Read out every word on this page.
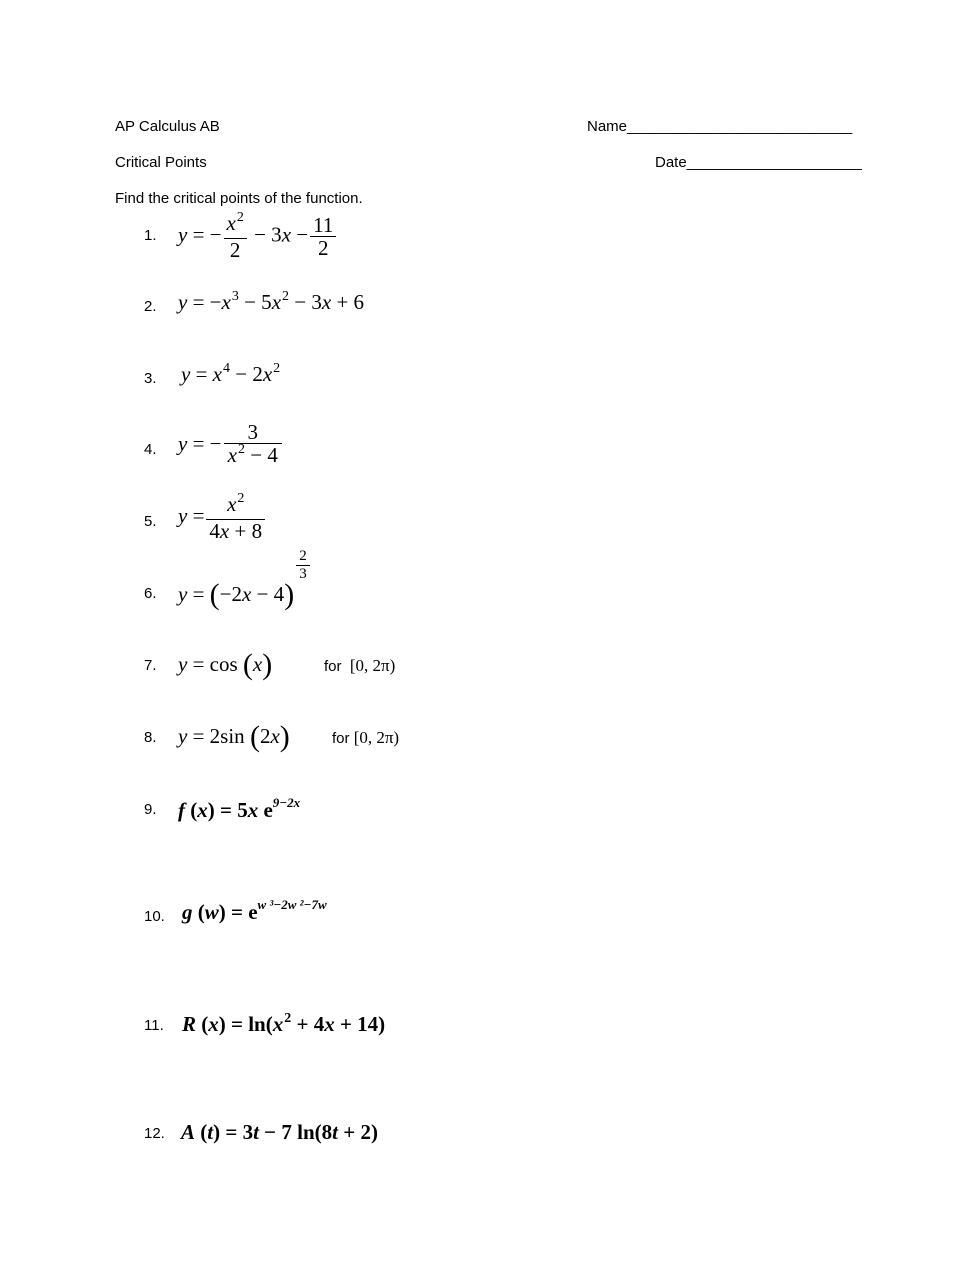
AP Calculus AB	Name___________________________
Critical Points	Date_____________________
Find the critical points of the function.
1. y = − $\frac{x^2}{2} - 3x - \frac{11}{2}$
2. $y = -x^3 - 5x^2 - 3x + 6$
3. $y = x^4 - 2x^2$
4. y = − $\frac{3}{x^2 - 4}$
5. $y = \frac{x^2}{4x + 8}$
6. y = (−2x − 4)
$\frac{2}{3}$
7. y = cos (x)	for [0, 2π)
8. y = 2sin (2x)	for [0, 2π)
9. f (x) = 5x $e^{9-2x}$
10. g $(w) = e^{w ^3-2w ^2-7w}$
11. R $(x) = \ln(x^2 + 4x + 14)$
12. A (t) = 3t − 7 ln(8t + 2)
